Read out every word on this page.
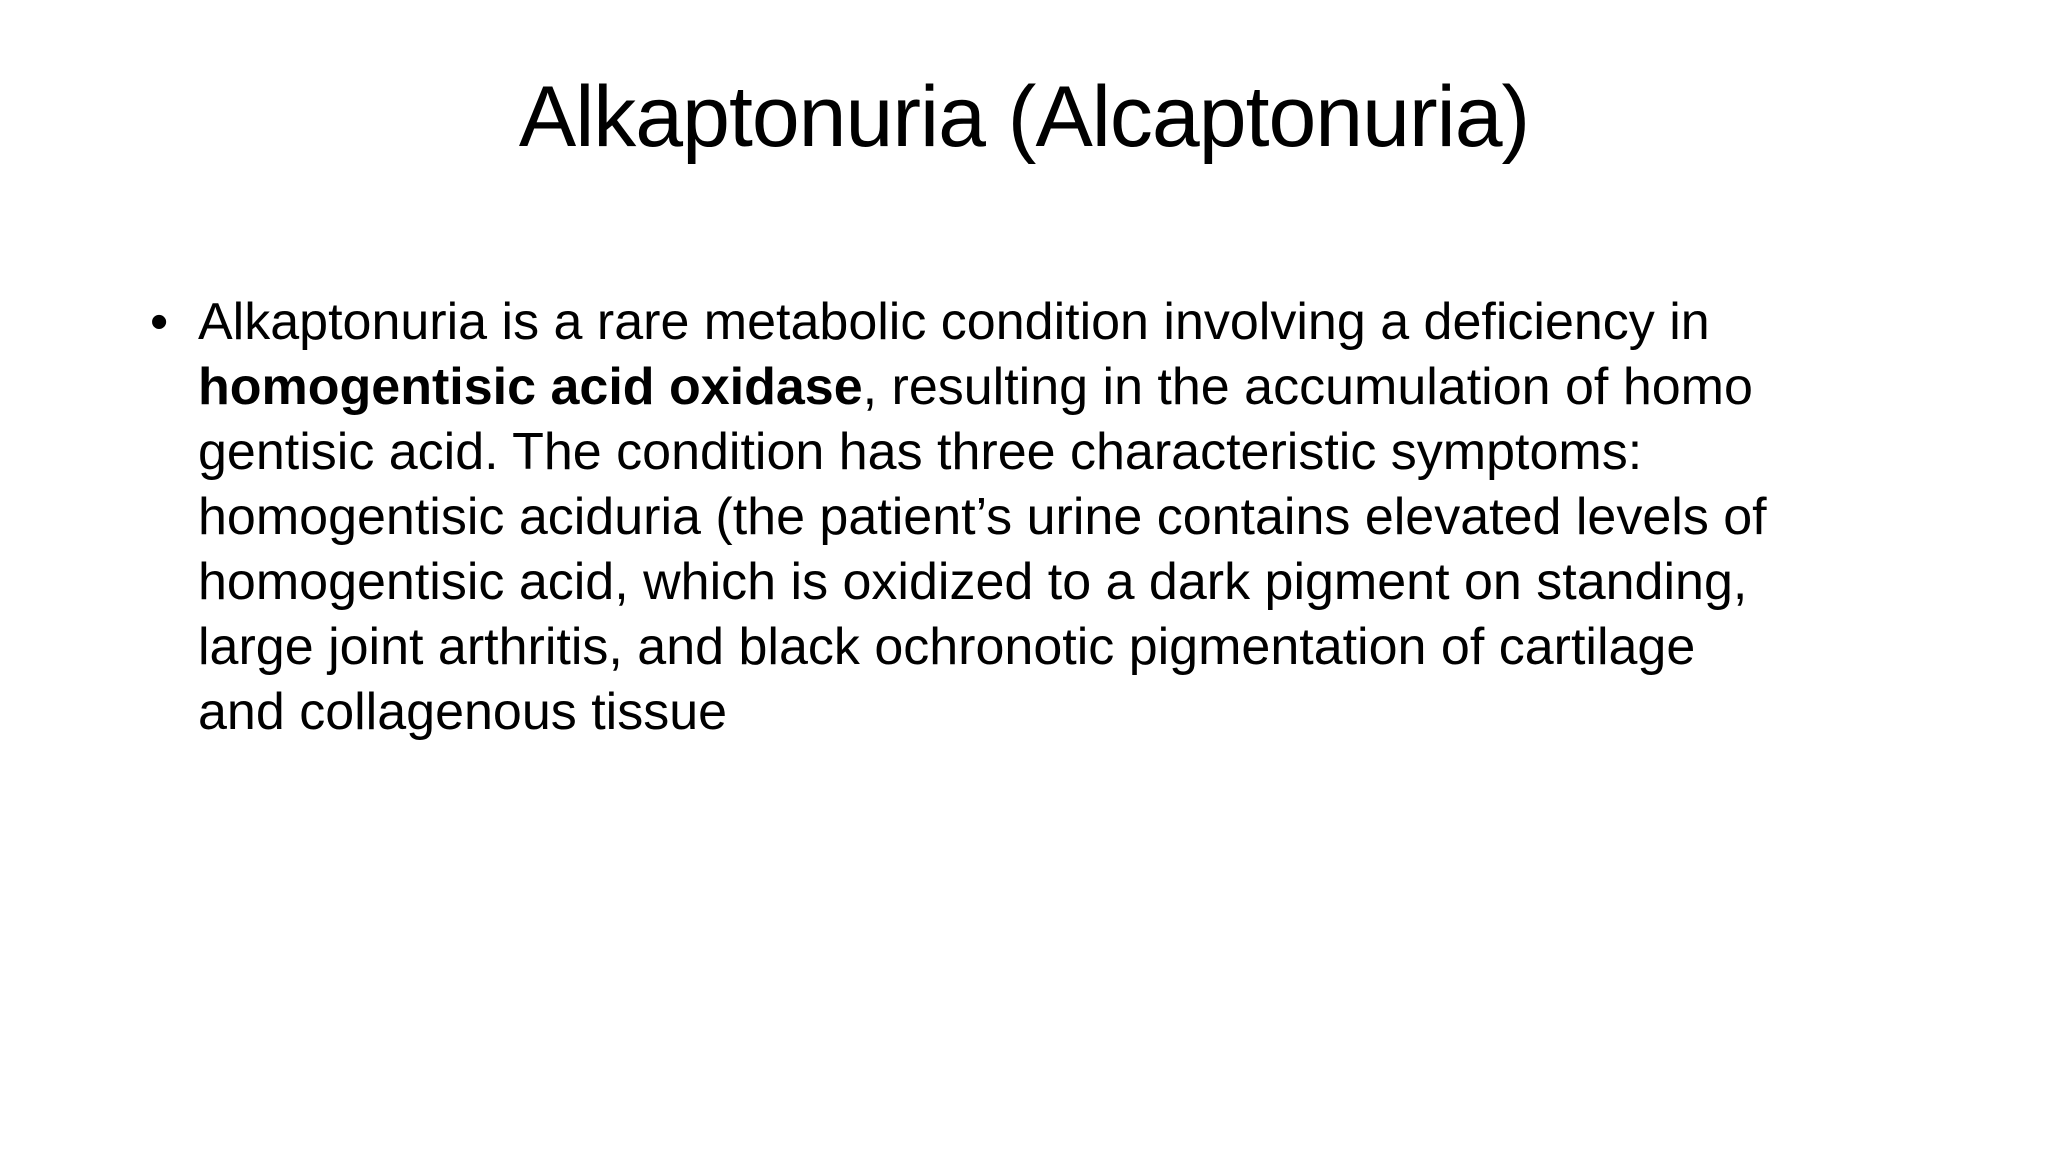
Alkaptonuria (Alcaptonuria)
• Alkaptonuria is a rare metabolic condition involving a deficiency in
homogentisic acid oxidase, resulting in the accumulation of homo
gentisic acid. The condition has three characteristic symptoms:
homogentisic aciduria (the patient’s urine contains elevated levels of
homogentisic acid, which is oxidized to a dark pigment on standing,
large joint arthritis, and black ochronotic pigmentation of cartilage
and collagenous tissue
